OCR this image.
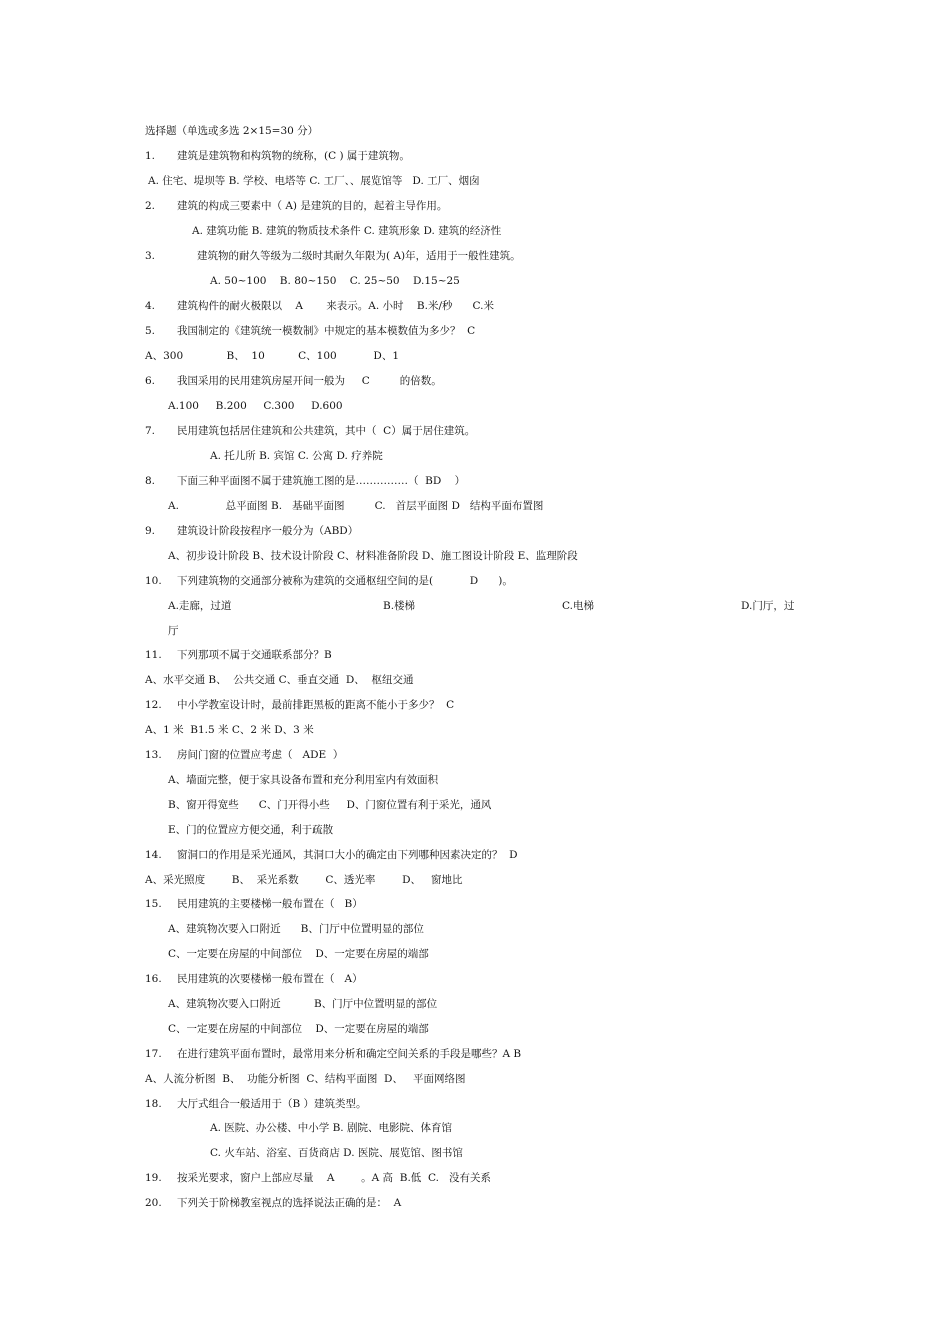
选择题（单选或多选 2×15=30 分）
1. 建筑是建筑物和构筑物的统称，(C ) 属于建筑物。
A. 住宅、堤坝等 B. 学校、电塔等 C. 工厂、、展览馆等   D. 工厂、烟囱
2. 建筑的构成三要素中（ A) 是建筑的目的，起着主导作用。
A. 建筑功能 B. 建筑的物质技术条件 C. 建筑形象 D. 建筑的经济性
3.      建筑物的耐久等级为二级时其耐久年限为( A)年，适用于一般性建筑。
A. 50~100    B. 80~150    C. 25~50    D.15~25
4. 建筑构件的耐火极限以    A       来表示。A. 小时    B.米/秒      C.米
5. 我国制定的《建筑统一模数制》中规定的基本模数值为多少？  C
A、300             B、  10          C、100           D、1
6. 我国采用的民用建筑房屋开间一般为     C         的倍数。
A.100     B.200     C.300     D.600
7. 民用建筑包括居住建筑和公共建筑，其中（  C）属于居住建筑。
A. 托儿所 B. 宾馆 C. 公寓 D. 疗养院
8. 下面三种平面图不属于建筑施工图的是……………（  BD    ）
A.              总平面图 B.   基础平面图         C.   首层平面图 D   结构平面布置图
9. 建筑设计阶段按程序一般分为（ABD）
A、初步设计阶段 B、技术设计阶段 C、材料准备阶段 D、施工图设计阶段 E、监理阶段
10. 下列建筑物的交通部分被称为建筑的交通枢纽空间的是(           D      )。
A.走廊，过道	B.楼梯	C.电梯	D.门厅，过
厅
11. 下列那项不属于交通联系部分？B
A、水平交通 B、  公共交通 C、垂直交通  D、  枢纽交通
12. 中小学教室设计时，最前排距黑板的距离不能小于多少？  C
A、1 米  B1.5 米 C、2 米 D、3 米
13. 房间门窗的位置应考虑（   ADE  ）
A、墙面完整，便于家具设备布置和充分利用室内有效面积
B、窗开得宽些      C、门开得小些     D、门窗位置有利于采光，通风
E、门的位置应方便交通，利于疏散
14. 窗洞口的作用是采光通风，其洞口大小的确定由下列哪种因素决定的？  D
A、采光照度        B、  采光系数        C、透光率        D、   窗地比
15. 民用建筑的主要楼梯一般布置在（   B）
A、建筑物次要入口附近      B、门厅中位置明显的部位
C、一定要在房屋的中间部位    D、一定要在房屋的端部
16. 民用建筑的次要楼梯一般布置在（   A）
A、建筑物次要入口附近          B、门厅中位置明显的部位
C、一定要在房屋的中间部位    D、一定要在房屋的端部
17. 在进行建筑平面布置时，最常用来分析和确定空间关系的手段是哪些？A B
A、人流分析图  B、  功能分析图  C、结构平面图  D、   平面网络图
18. 大厅式组合一般适用于（B ）建筑类型。
A. 医院、办公楼、中小学 B. 剧院、电影院、体育馆
C. 火车站、浴室、百货商店 D. 医院、展览馆、图书馆
19. 按采光要求，窗户上部应尽量    A        。A 高  B.低  C.   没有关系
20. 下列关于阶梯教室视点的选择说法正确的是：  A
